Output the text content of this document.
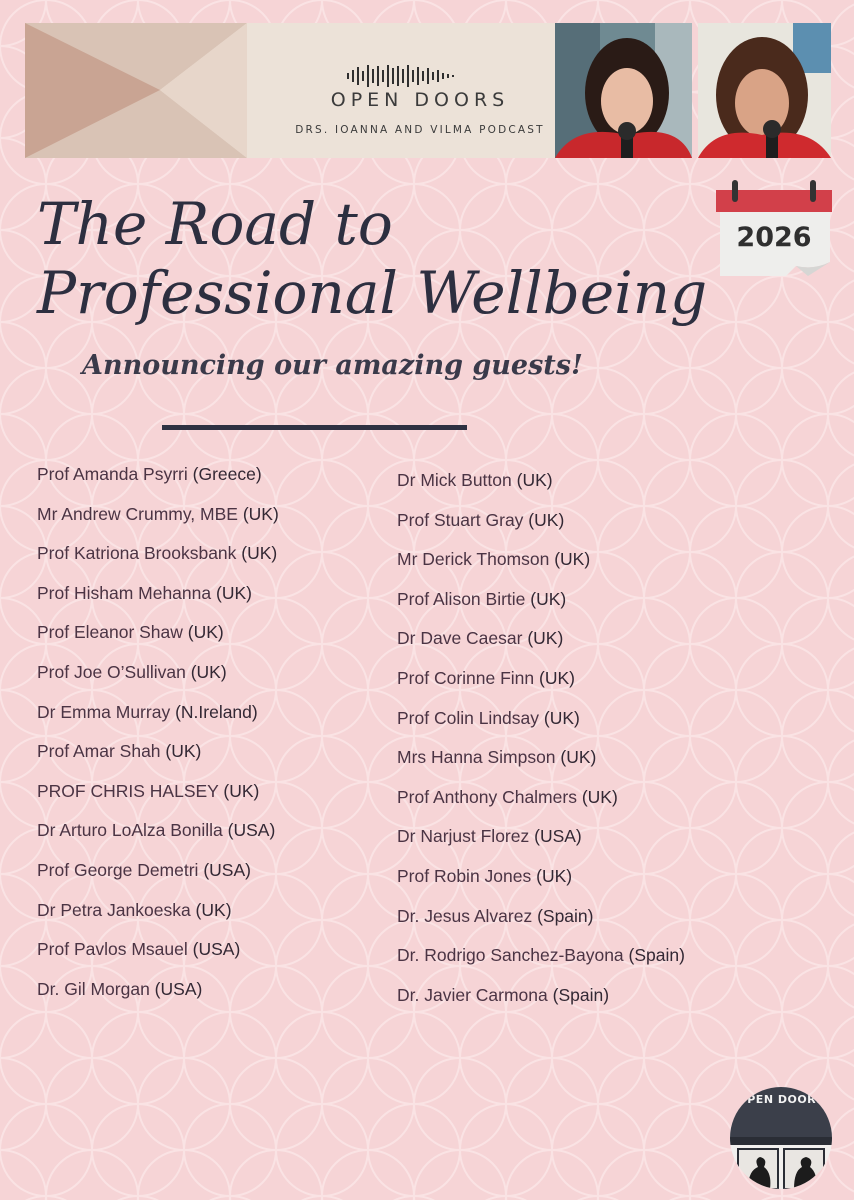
OPEN DOORS
DRS. IOANNA AND VILMA PODCAST
2026
The Road to
Professional Wellbeing
Announcing our amazing guests!
Prof Amanda Psyrri (Greece)
Mr Andrew Crummy, MBE (UK)
Prof Katriona Brooksbank (UK)
Prof Hisham Mehanna (UK)
Prof Eleanor Shaw (UK)
Prof Joe O’Sullivan (UK)
Dr Emma Murray (N.Ireland)
Prof Amar Shah (UK)
PROF CHRIS HALSEY (UK)
Dr Arturo LoAlza Bonilla (USA)
Prof George Demetri (USA)
Dr Petra Jankoeska (UK)
Prof Pavlos Msauel (USA)
Dr. Gil Morgan (USA)
Dr Mick Button (UK)
Prof Stuart Gray (UK)
Mr Derick Thomson (UK)
Prof Alison Birtie (UK)
Dr Dave Caesar (UK)
Prof Corinne Finn (UK)
Prof Colin Lindsay (UK)
Mrs Hanna Simpson (UK)
Prof Anthony Chalmers (UK)
Dr Narjust Florez (USA)
Prof Robin Jones (UK)
Dr. Jesus Alvarez (Spain)
Dr. Rodrigo Sanchez-Bayona (Spain)
Dr. Javier Carmona (Spain)
OPEN DOORS
